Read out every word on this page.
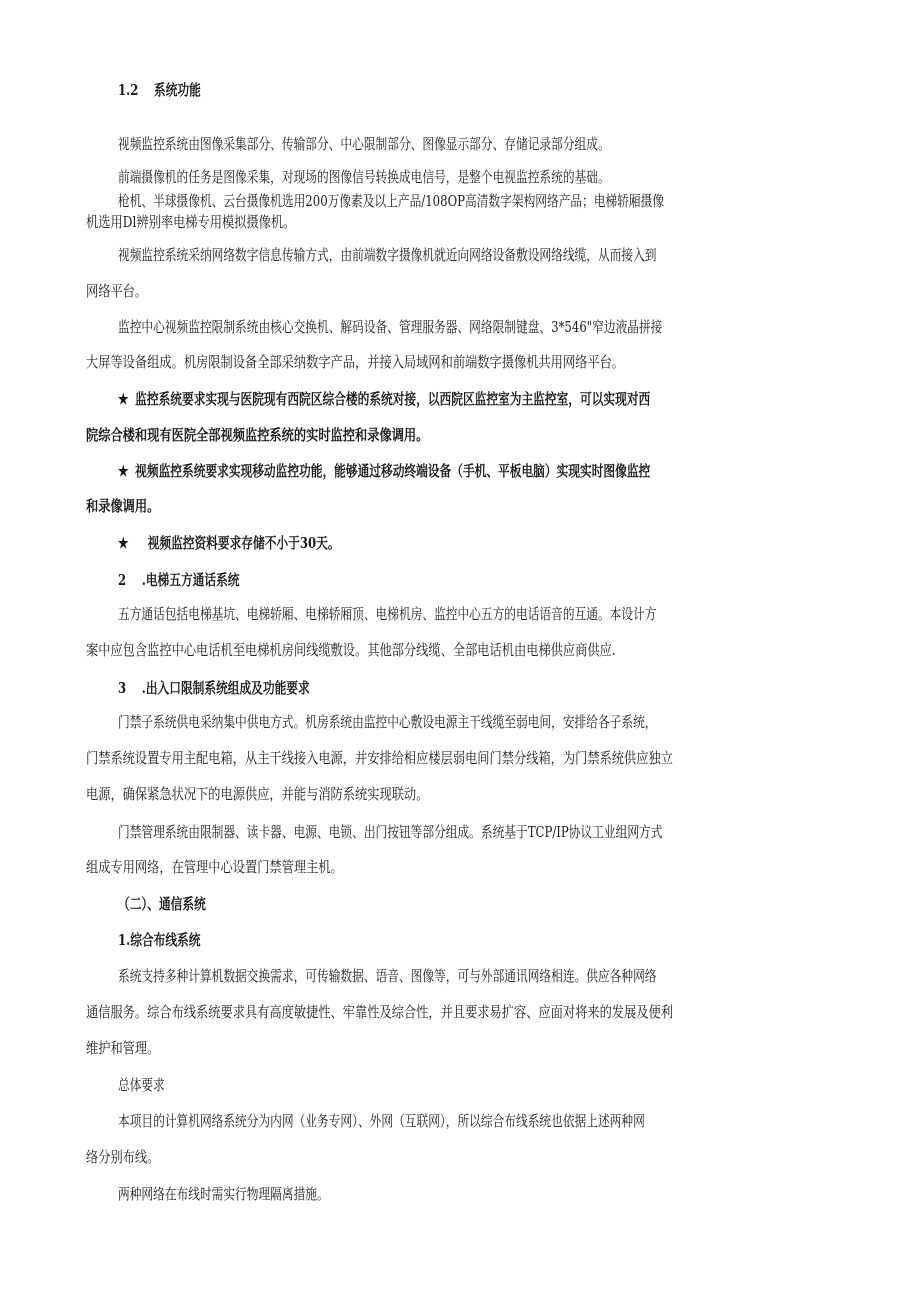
1.2 系统功能
视频监控系统由图像采集部分、传输部分、中心限制部分、图像显示部分、存储记录部分组成。
前端摄像机的任务是图像采集，对现场的图像信号转换成电信号，是整个电视监控系统的基础。
枪机、半球摄像机、云台摄像机选用200万像素及以上产品/108OP高清数字架构网络产品；电梯轿厢摄像
机选用Dl辨别率电梯专用模拟摄像机。
视频监控系统采纳网络数字信息传输方式，由前端数字摄像机就近向网络设备敷设网络线缆，从而接入到
网络平台。
监控中心视频监控限制系统由核心交换机、解码设备、管理服务器、网络限制键盘、3*546"窄边液晶拼接
大屏等设备组成。机房限制设备全部采纳数字产品，并接入局域网和前端数字摄像机共用网络平台。
★ 监控系统要求实现与医院现有西院区综合楼的系统对接，以西院区监控室为主监控室，可以实现对西
院综合楼和现有医院全部视频监控系统的实时监控和录像调用。
★ 视频监控系统要求实现移动监控功能，能够通过移动终端设备（手机、平板电脑）实现实时图像监控
和录像调用。
★ 视频监控资料要求存储不小于30天。
2 .电梯五方通话系统
五方通话包括电梯基坑、电梯轿厢、电梯轿厢顶、电梯机房、监控中心五方的电话语音的互通。本设计方
案中应包含监控中心电话机至电梯机房间线缆敷设。其他部分线缆、全部电话机由电梯供应商供应.
3 .出入口限制系统组成及功能要求
门禁子系统供电采纳集中供电方式。机房系统由监控中心敷设电源主干线缆至弱电间，安排给各子系统，
门禁系统设置专用主配电箱，从主干线接入电源，并安排给相应楼层弱电间门禁分线箱，为门禁系统供应独立
电源，确保紧急状况下的电源供应，并能与消防系统实现联动。
门禁管理系统由限制器、读卡器、电源、电锁、出门按钮等部分组成。系统基于TCP/IP协议工业组网方式
组成专用网络，在管理中心设置门禁管理主机。
（二）、通信系统
1.综合布线系统
系统支持多种计算机数据交换需求，可传输数据、语音、图像等，可与外部通讯网络相连。供应各种网络
通信服务。综合布线系统要求具有高度敏捷性、牢靠性及综合性，并且要求易扩容、应面对将来的发展及便利
维护和管理。
总体要求
本项目的计算机网络系统分为内网（业务专网）、外网（互联网），所以综合布线系统也依据上述两种网
络分别布线。
两种网络在布线时需实行物理隔离措施。
